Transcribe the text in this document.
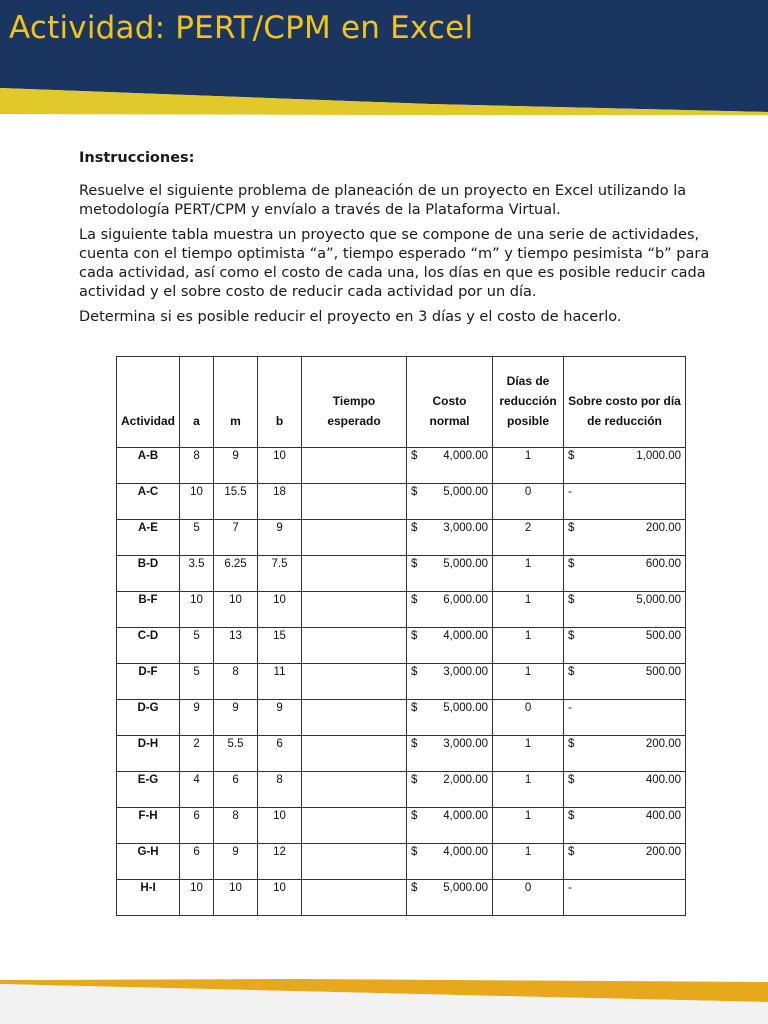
Actividad: PERT/CPM en Excel

Instrucciones:

Resuelve el siguiente problema de planeación de un proyecto en Excel utilizando la metodología PERT/CPM y envíalo a través de la Plataforma Virtual.

La siguiente tabla muestra un proyecto que se compone de una serie de actividades, cuenta con el tiempo optimista “a”, tiempo esperado “m” y tiempo pesimista “b” para cada actividad, así como el costo de cada una, los días en que es posible reducir cada actividad y el sobre costo de reducir cada actividad por un día.

Determina si es posible reducir el proyecto en 3 días y el costo de hacerlo.

Actividad	a	m	b	Tiempo esperado	Costo normal	Días de reducción posible	Sobre costo por día de reducción
A-B	8	9	10		$ 4,000.00	1	$ 1,000.00

A-C	10	15.5	18		$ 5,000.00	0	-
A-E	5	7	9		$ 3,000.00	2	$ 200.00

B-D	3.5	6.25	7.5		$ 5,000.00	1	$ 600.00

B-F	10	10	10		$ 6,000.00	1	$ 5,000.00

C-D	5	13	15		$ 4,000.00	1	$ 500.00

D-F	5	8	11		$ 3,000.00	1	$ 500.00

D-G	9	9	9		$ 5,000.00	0	-
D-H	2	5.5	6		$ 3,000.00	1	$ 200.00

E-G	4	6	8		$ 2,000.00	1	$ 400.00

F-H	6	8	10		$ 4,000.00	1	$ 400.00

G-H	6	9	12		$ 4,000.00	1	$ 200.00

H-I	10	10	10		$ 5,000.00	0	-
